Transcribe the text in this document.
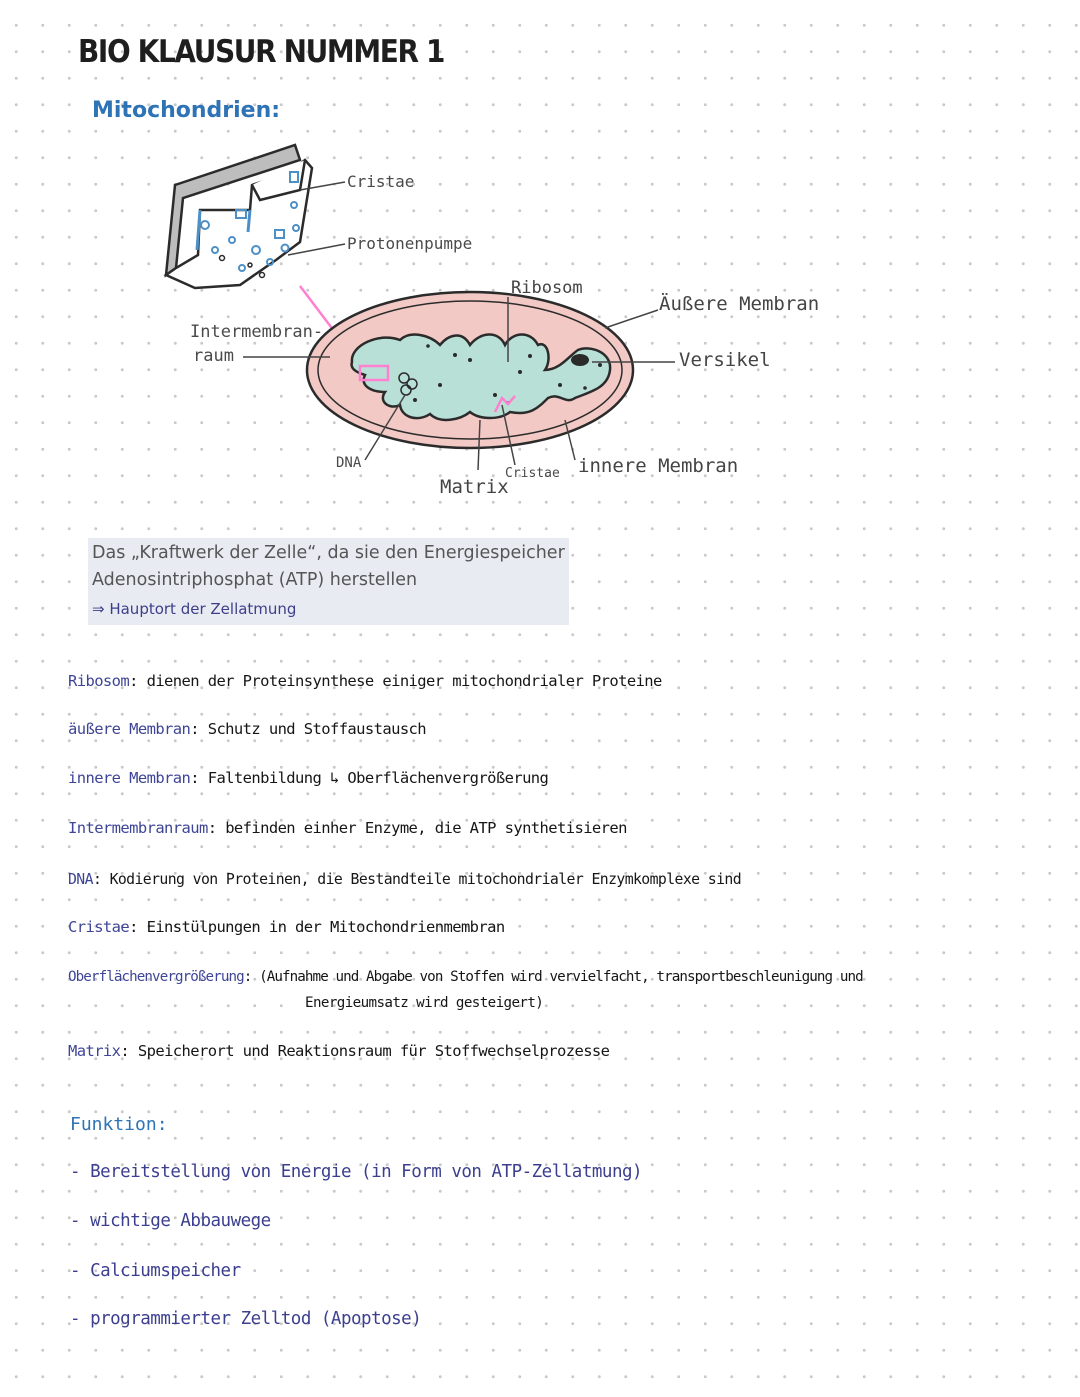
BIO KLAUSUR NUMMER 1
Mitochondrien:
Cristae
Protonenpumpe
Ribosom
Äußere Membran
Intermembran-
raum	Versikel
DNA
Matrix
Cristae innere Membran
Das „Kraftwerk der Zelle“, da sie den Energiespeicher
Adenosintriphosphat (ATP) herstellen
⇒ Hauptort der Zellatmung
Ribosom: dienen der Proteinsynthese einiger mitochondrialer Proteine
äußere Membran: Schutz und Stoffaustausch
innere Membran: Faltenbildung ↳ Oberflächenvergrößerung
Intermembranraum: befinden einher Enzyme, die ATP synthetisieren
DNA: Kodierung von Proteinen, die Bestandteile mitochondrialer Enzymkomplexe sind
Cristae: Einstülpungen in der Mitochondrienmembran
Oberflächenvergrößerung: (Aufnahme und Abgabe von Stoffen wird vervielfacht, transportbeschleunigung und
Energieumsatz wird gesteigert)
Matrix: Speicherort und Reaktionsraum für Stoffwechselprozesse
Funktion:
- Bereitstellung von Energie (in Form von ATP-Zellatmung)
- wichtige Abbauwege
- Calciumspeicher
- programmierter Zelltod (Apoptose)
